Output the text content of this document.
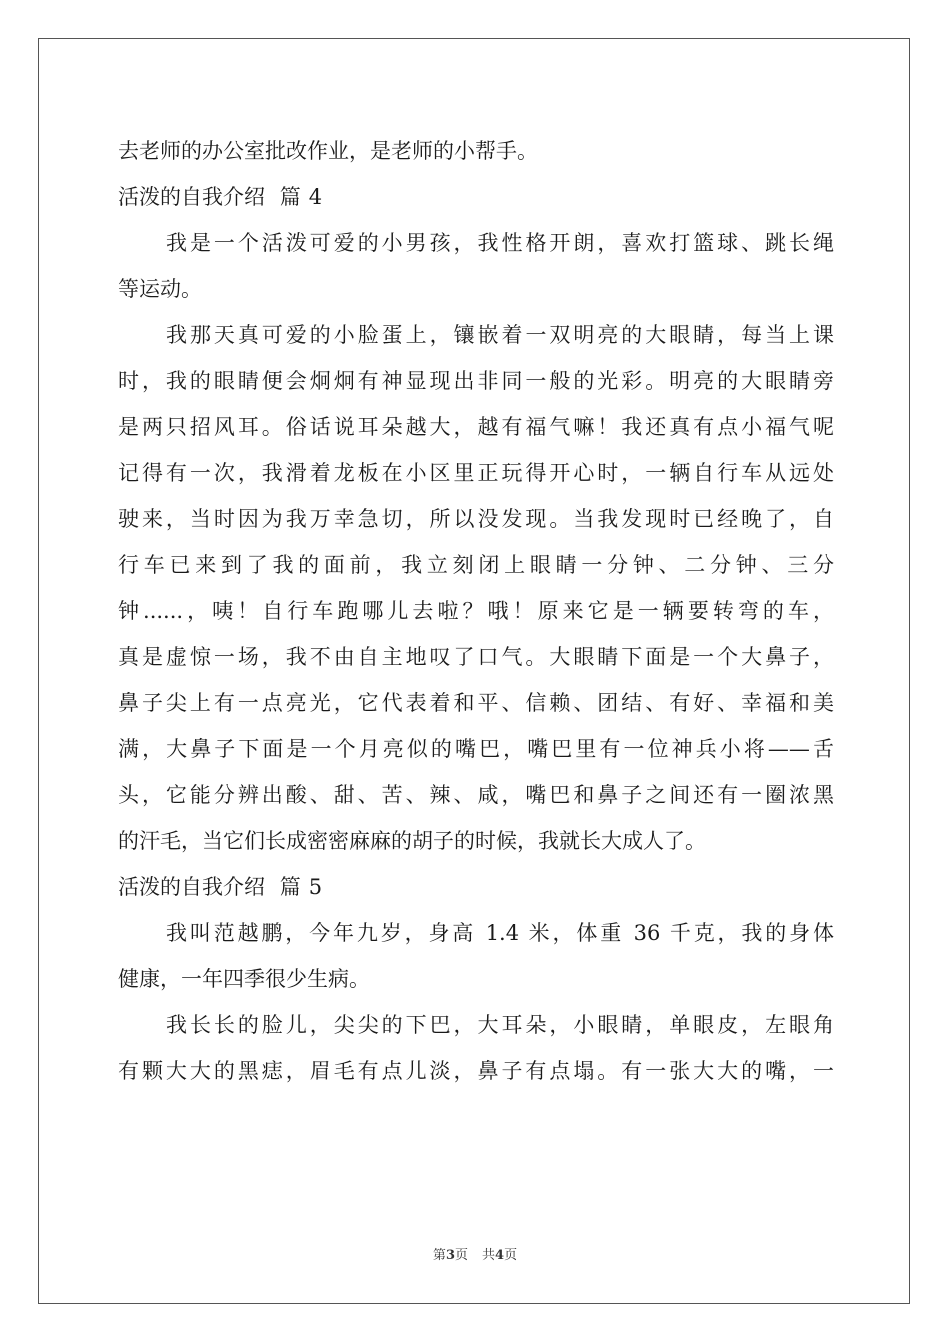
去老师的办公室批改作业，是老师的小帮手。
活泼的自我介绍 篇 4
我是一个活泼可爱的小男孩，我性格开朗，喜欢打篮球、跳长绳
等运动。
我那天真可爱的小脸蛋上，镶嵌着一双明亮的大眼睛，每当上课
时，我的眼睛便会炯炯有神显现出非同一般的光彩。明亮的大眼睛旁
是两只招风耳。俗话说耳朵越大，越有福气嘛！我还真有点小福气呢
记得有一次，我滑着龙板在小区里正玩得开心时，一辆自行车从远处
驶来，当时因为我万幸急切，所以没发现。当我发现时已经晚了，自
行车已来到了我的面前，我立刻闭上眼睛一分钟、二分钟、三分
钟......，咦！自行车跑哪儿去啦？哦！原来它是一辆要转弯的车，
真是虚惊一场，我不由自主地叹了口气。大眼睛下面是一个大鼻子，
鼻子尖上有一点亮光，它代表着和平、信赖、团结、有好、幸福和美
满，大鼻子下面是一个月亮似的嘴巴，嘴巴里有一位神兵小将——舌
头，它能分辨出酸、甜、苦、辣、咸，嘴巴和鼻子之间还有一圈浓黑
的汗毛，当它们长成密密麻麻的胡子的时候，我就长大成人了。
活泼的自我介绍 篇 5
我叫范越鹏，今年九岁，身高 1.4 米，体重 36 千克，我的身体
健康，一年四季很少生病。
我长长的脸儿，尖尖的下巴，大耳朵，小眼睛，单眼皮，左眼角
有颗大大的黑痣，眉毛有点儿淡，鼻子有点塌。有一张大大的嘴，一
第3页 共4页
